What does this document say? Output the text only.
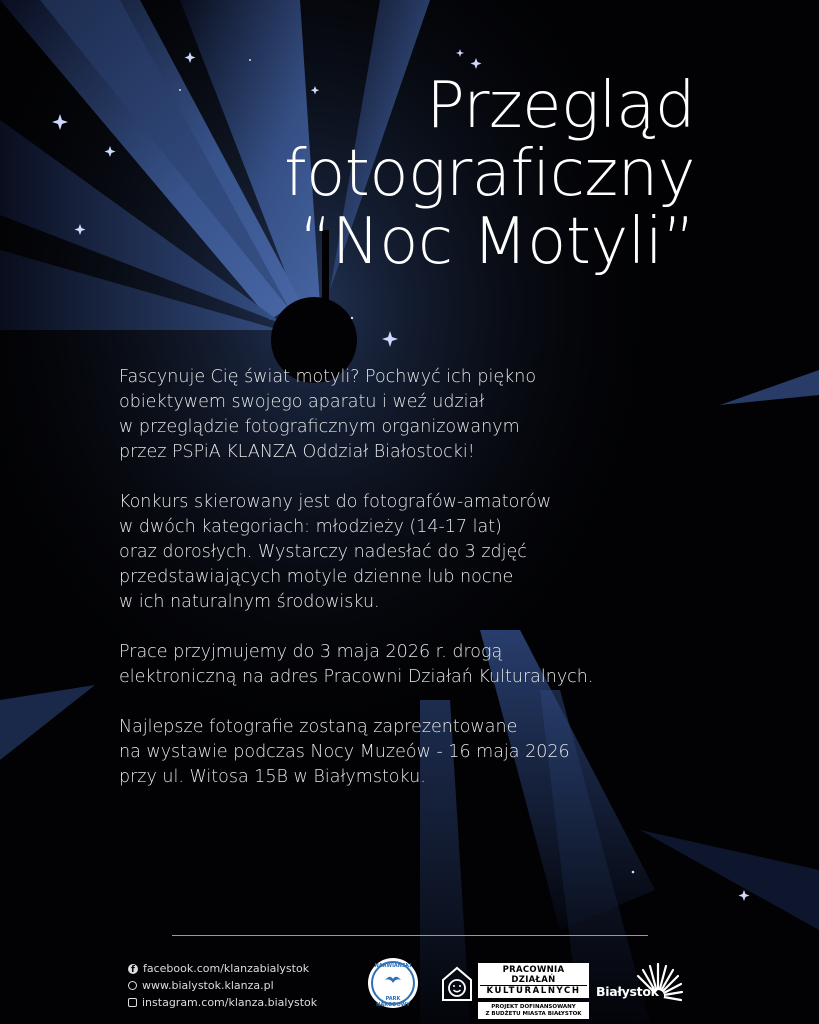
Przegląd
fotograficzny
“Noc Motyli”
Fascynuje Cię świat motyli? Pochwyć ich piękno
obiektywem swojego aparatu i weź udział
w przeglądzie fotograficznym organizowanym
przez PSPiA KLANZA Oddział Białostocki!
Konkurs skierowany jest do fotografów-amatorów
w dwóch kategoriach: młodzieży (14-17 lat)
oraz dorosłych. Wystarczy nadesłać do 3 zdjęć
przedstawiających motyle dzienne lub nocne
w ich naturalnym środowisku.
Prace przyjmujemy do 3 maja 2026 r. drogą
elektroniczną na adres Pracowni Działań Kulturalnych.
Najlepsze fotografie zostaną zaprezentowane
na wystawie podczas Nocy Muzeów - 16 maja 2026
przy ul. Witosa 15B w Białymstoku.
f
facebook.com/klanzabialystok
www.bialystok.klanza.pl
instagram.com/klanza.bialystok
NARWIAŃSKI
PARK NARODOWY
PRACOWNIA DZIAŁAŃ
KULTURALNYCH
PROJEKT DOFINANSOWANY
Z BUDŻETU MIASTA BIAŁYSTOK
Białystok
